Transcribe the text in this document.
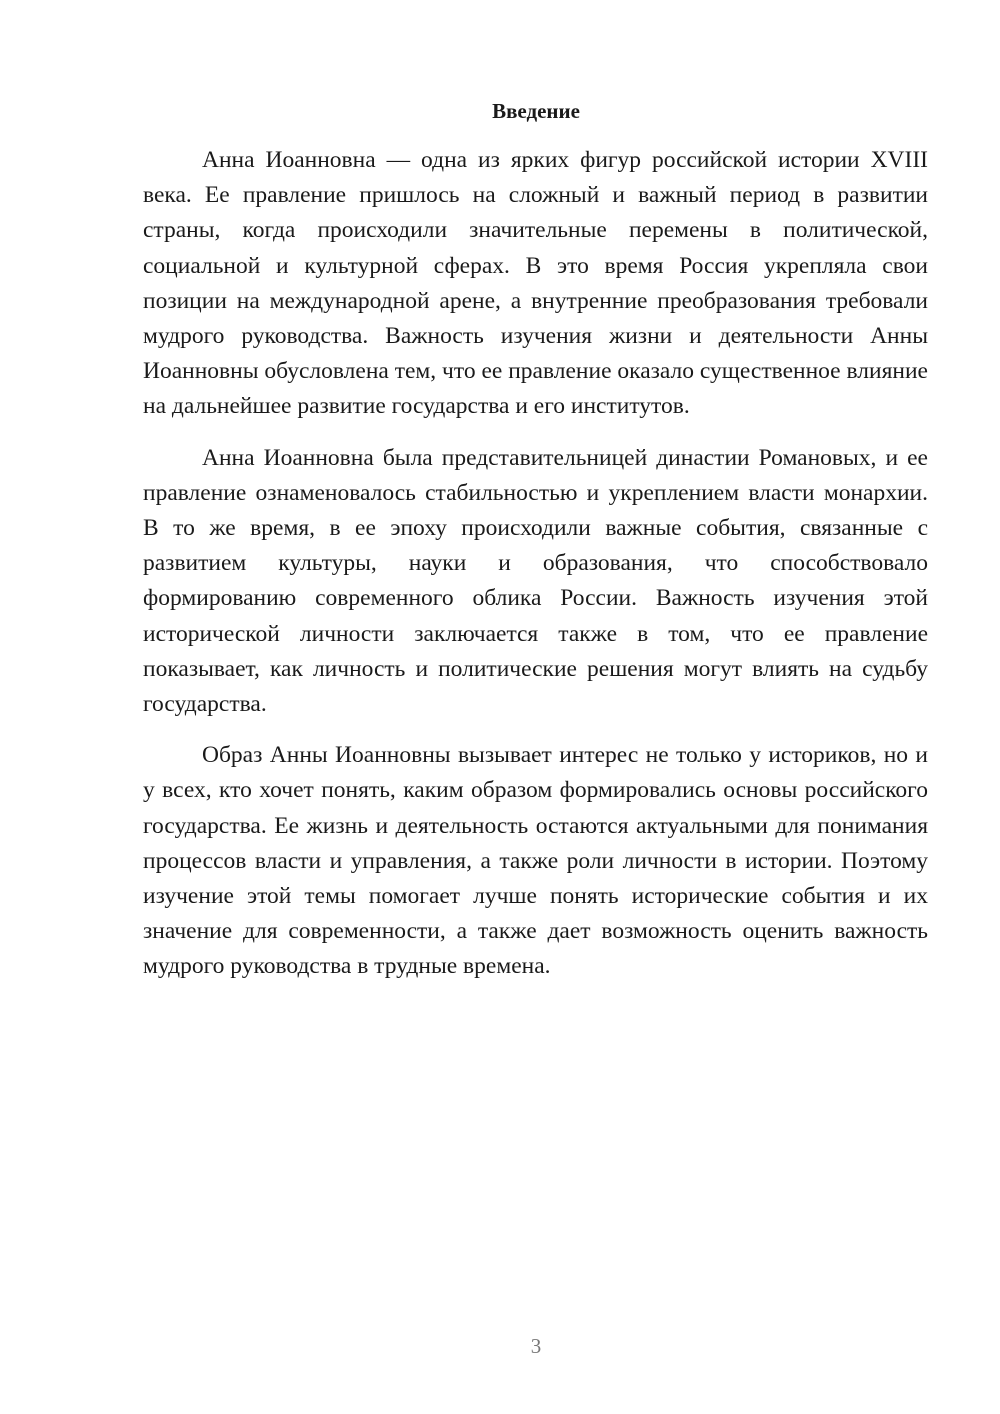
Введение

Анна Иоанновна — одна из ярких фигур российской истории XVIII века. Ее правление пришлось на сложный и важный период в развитии страны, когда происходили значительные перемены в политической, социальной и культурной сферах. В это время Россия укрепляла свои позиции на международной арене, а внутренние преобразования требовали мудрого руководства. Важность изучения жизни и деятельности Анны Иоанновны обусловлена тем, что ее правление оказало существенное влияние на дальнейшее развитие государства и его институтов.

Анна Иоанновна была представительницей династии Романовых, и ее правление ознаменовалось стабильностью и укреплением власти монархии. В то же время, в ее эпоху происходили важные события, связанные с развитием культуры, науки и образования, что способствовало формированию современного облика России. Важность изучения этой исторической личности заключается также в том, что ее правление показывает, как личность и политические решения могут влиять на судьбу государства.

Образ Анны Иоанновны вызывает интерес не только у историков, но и у всех, кто хочет понять, каким образом формировались основы российского государства. Ее жизнь и деятельность остаются актуальными для понимания процессов власти и управления, а также роли личности в истории. Поэтому изучение этой темы помогает лучше понять исторические события и их значение для современности, а также дает возможность оценить важность мудрого руководства в трудные времена.

3
